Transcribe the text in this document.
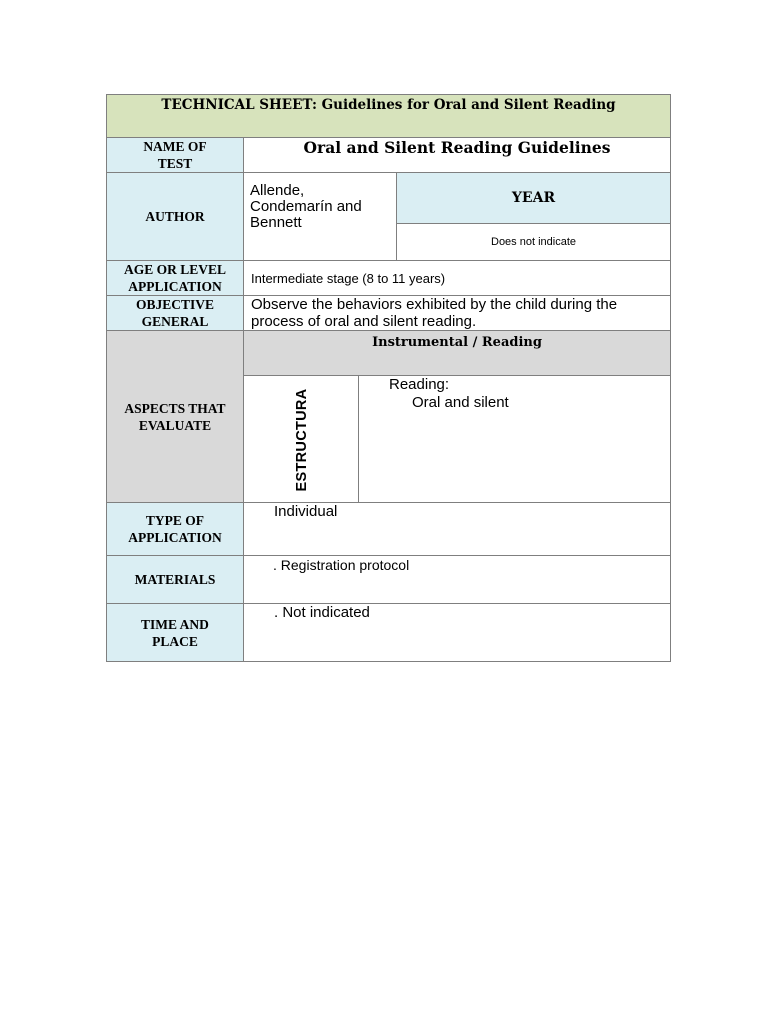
TECHNICAL SHEET: Guidelines for Oral and Silent Reading			
NAME OF
TEST	Oral and Silent Reading Guidelines		
AUTHOR	Allende,
Condemarín and
Bennett		YEAR
			Does not indicate
AGE OR LEVEL
APPLICATION	Intermediate stage (8 to 11 years)		
OBJECTIVE
GENERAL	Observe the behaviors exhibited by the child during the process of oral and silent reading.		
ASPECTS THAT
EVALUATE	Instrumental / Reading		

	ESTRUCTURA	Reading:
Oral and silent	

TYPE OF
APPLICATION	Individual		
MATERIALS	. Registration protocol		
TIME AND
PLACE	. Not indicated		
